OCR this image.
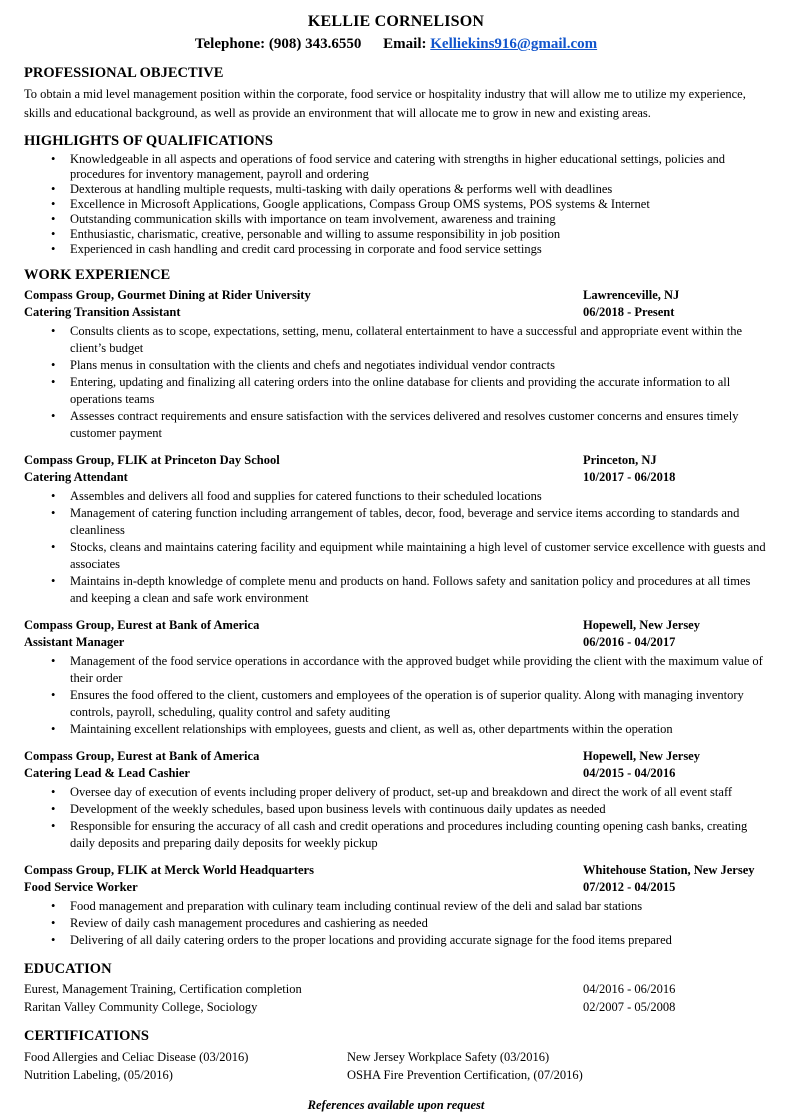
KELLIE CORNELISON
Telephone: (908) 343.6550 Email: Kelliekins916@gmail.com
PROFESSIONAL OBJECTIVE

To obtain a mid level management position within the corporate, food service or hospitality industry that will allow me to utilize my experience, skills and educational background, as well as provide an environment that will allocate me to grow in new and existing areas.

HIGHLIGHTS OF QUALIFICATIONS
• Knowledgeable in all aspects and operations of food service and catering with strengths in higher educational settings, policies and procedures for inventory management, payroll and ordering
• Dexterous at handling multiple requests, multi-tasking with daily operations & performs well with deadlines
• Excellence in Microsoft Applications, Google applications, Compass Group OMS systems, POS systems & Internet
• Outstanding communication skills with importance on team involvement, awareness and training
• Enthusiastic, charismatic, creative, personable and willing to assume responsibility in job position
• Experienced in cash handling and credit card processing in corporate and food service settings
WORK EXPERIENCE
Compass Group, Gourmet Dining at Rider University	Lawrenceville, NJ
Catering Transition Assistant	06/2018 - Present
• Consults clients as to scope, expectations, setting, menu, collateral entertainment to have a successful and appropriate event within the client’s budget
• Plans menus in consultation with the clients and chefs and negotiates individual vendor contracts
• Entering, updating and finalizing all catering orders into the online database for clients and providing the accurate information to all operations teams
• Assesses contract requirements and ensure satisfaction with the services delivered and resolves customer concerns and ensures timely customer payment
Compass Group, FLIK at Princeton Day School	Princeton, NJ
Catering Attendant	10/2017 - 06/2018
• Assembles and delivers all food and supplies for catered functions to their scheduled locations
• Management of catering function including arrangement of tables, decor, food, beverage and service items according to standards and cleanliness
• Stocks, cleans and maintains catering facility and equipment while maintaining a high level of customer service excellence with guests and associates
• Maintains in-depth knowledge of complete menu and products on hand. Follows safety and sanitation policy and procedures at all times and keeping a clean and safe work environment
Compass Group, Eurest at Bank of America	Hopewell, New Jersey
Assistant Manager	06/2016 - 04/2017
• Management of the food service operations in accordance with the approved budget while providing the client with the maximum value of their order
• Ensures the food offered to the client, customers and employees of the operation is of superior quality. Along with managing inventory controls, payroll, scheduling, quality control and safety auditing
• Maintaining excellent relationships with employees, guests and client, as well as, other departments within the operation
Compass Group, Eurest at Bank of America	Hopewell, New Jersey
Catering Lead & Lead Cashier	04/2015 - 04/2016
• Oversee day of execution of events including proper delivery of product, set-up and breakdown and direct the work of all event staff
• Development of the weekly schedules, based upon business levels with continuous daily updates as needed
• Responsible for ensuring the accuracy of all cash and credit operations and procedures including counting opening cash banks, creating daily deposits and preparing daily deposits for weekly pickup
Compass Group, FLIK at Merck World Headquarters	Whitehouse Station, New Jersey
Food Service Worker	07/2012 - 04/2015
• Food management and preparation with culinary team including continual review of the deli and salad bar stations
• Review of daily cash management procedures and cashiering as needed
• Delivering of all daily catering orders to the proper locations and providing accurate signage for the food items prepared
EDUCATION
Eurest, Management Training, Certification completion	04/2016 - 06/2016
Raritan Valley Community College, Sociology	02/2007 - 05/2008
CERTIFICATIONS
Food Allergies and Celiac Disease (03/2016)	New Jersey Workplace Safety (03/2016)
Nutrition Labeling, (05/2016)	OSHA Fire Prevention Certification, (07/2016)
References available upon request
